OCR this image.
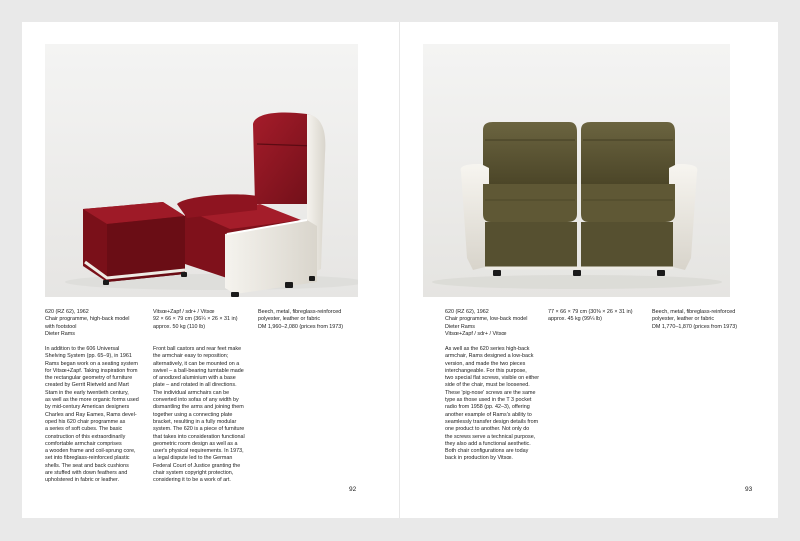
620 (RZ 62), 1962
Chair programme, high-back model
with footstool
Dieter Rams
Vitsœ+Zapf / sdr+ / Vitsœ
92 × 66 × 79 cm (36¼ × 26 × 31 in)
approx. 50 kg (110 lb)
Beech, metal, fibreglass-reinforced
polyester, leather or fabric
DM 1,960–2,080 (prices from 1973)
In addition to the 606 Universal
Shelving System (pp. 65–9), in 1961
Rams began work on a seating system
for Vitsœ+Zapf. Taking inspiration from
the rectangular geometry of furniture
created by Gerrit Rietveld and Mart
Stam in the early twentieth century,
as well as the more organic forms used
by mid-century American designers
Charles and Ray Eames, Rams devel-
oped his 620 chair programme as
a series of soft cubes. The basic
construction of this extraordinarily
comfortable armchair comprises
a wooden frame and coil-sprung core,
set into fibreglass-reinforced plastic
shells. The seat and back cushions
are stuffed with down feathers and
upholstered in fabric or leather.
Front ball castors and rear feet make
the armchair easy to reposition;
alternatively, it can be mounted on a
swivel – a ball-bearing turntable made
of anodized aluminium with a base
plate – and rotated in all directions.
The individual armchairs can be
converted into sofas of any width by
dismantling the arms and joining them
together using a connecting plate
bracket, resulting in a fully modular
system. The 620 is a piece of furniture
that takes into consideration functional
geometric room design as well as a
user's physical requirements. In 1973,
a legal dispute led to the German
Federal Court of Justice granting the
chair system copyright protection,
considering it to be a work of art.
92
620 (RZ 62), 1962
Chair programme, low-back model
Dieter Rams
Vitsœ+Zapf / sdr+ / Vitsœ
77 × 66 × 79 cm (30⅜ × 26 × 31 in)
approx. 45 kg (99¼ lb)
Beech, metal, fibreglass-reinforced
polyester, leather or fabric
DM 1,770–1,870 (prices from 1973)
As well as the 620 series high-back
armchair, Rams designed a low-back
version, and made the two pieces
interchangeable. For this purpose,
two special flat screws, visible on either
side of the chair, must be loosened.
These 'pig-nose' screws are the same
type as those used in the T 3 pocket
radio from 1958 (pp. 42–3), offering
another example of Rams's ability to
seamlessly transfer design details from
one product to another. Not only do
the screws serve a technical purpose,
they also add a functional aesthetic.
Both chair configurations are today
back in production by Vitsœ.
93
